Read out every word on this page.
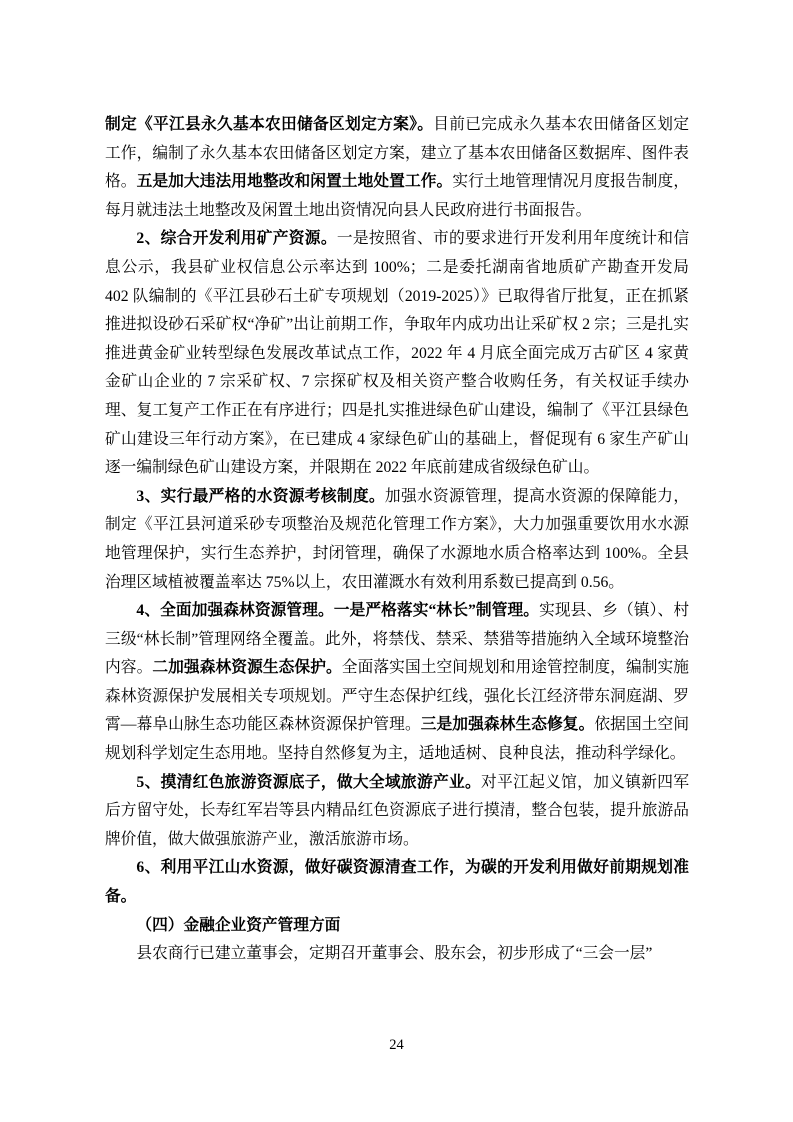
制定《平江县永久基本农田储备区划定方案》。目前已完成永久基本农田储备区划定工作，编制了永久基本农田储备区划定方案，建立了基本农田储备区数据库、图件表格。五是加大违法用地整改和闲置土地处置工作。实行土地管理情况月度报告制度，每月就违法土地整改及闲置土地出资情况向县人民政府进行书面报告。

2、综合开发利用矿产资源。一是按照省、市的要求进行开发利用年度统计和信息公示，我县矿业权信息公示率达到 100%；二是委托湖南省地质矿产勘查开发局 402 队编制的《平江县砂石土矿专项规划（2019-2025）》已取得省厅批复，正在抓紧推进拟设砂石采矿权“净矿”出让前期工作，争取年内成功出让采矿权 2 宗；三是扎实推进黄金矿业转型绿色发展改革试点工作，2022 年 4 月底全面完成万古矿区 4 家黄金矿山企业的 7 宗采矿权、7 宗探矿权及相关资产整合收购任务，有关权证手续办理、复工复产工作正在有序进行；四是扎实推进绿色矿山建设，编制了《平江县绿色矿山建设三年行动方案》，在已建成 4 家绿色矿山的基础上，督促现有 6 家生产矿山逐一编制绿色矿山建设方案，并限期在 2022 年底前建成省级绿色矿山。

3、实行最严格的水资源考核制度。加强水资源管理，提高水资源的保障能力，制定《平江县河道采砂专项整治及规范化管理工作方案》，大力加强重要饮用水水源地管理保护，实行生态养护，封闭管理，确保了水源地水质合格率达到 100%。全县治理区域植被覆盖率达 75%以上，农田灌溉水有效利用系数已提高到 0.56。

4、全面加强森林资源管理。一是严格落实“林长”制管理。实现县、乡（镇）、村三级“林长制”管理网络全覆盖。此外，将禁伐、禁采、禁猎等措施纳入全域环境整治内容。二加强森林资源生态保护。全面落实国土空间规划和用途管控制度，编制实施森林资源保护发展相关专项规划。严守生态保护红线，强化长江经济带东洞庭湖、罗霄—幕阜山脉生态功能区森林资源保护管理。三是加强森林生态修复。依据国土空间规划科学划定生态用地。坚持自然修复为主，适地适树、良种良法，推动科学绿化。

5、摸清红色旅游资源底子，做大全域旅游产业。对平江起义馆，加义镇新四军后方留守处，长寿红军岩等县内精品红色资源底子进行摸清，整合包装，提升旅游品牌价值，做大做强旅游产业，激活旅游市场。

6、利用平江山水资源，做好碳资源清查工作，为碳的开发利用做好前期规划准备。

（四）金融企业资产管理方面

县农商行已建立董事会，定期召开董事会、股东会，初步形成了“三会一层”

24
